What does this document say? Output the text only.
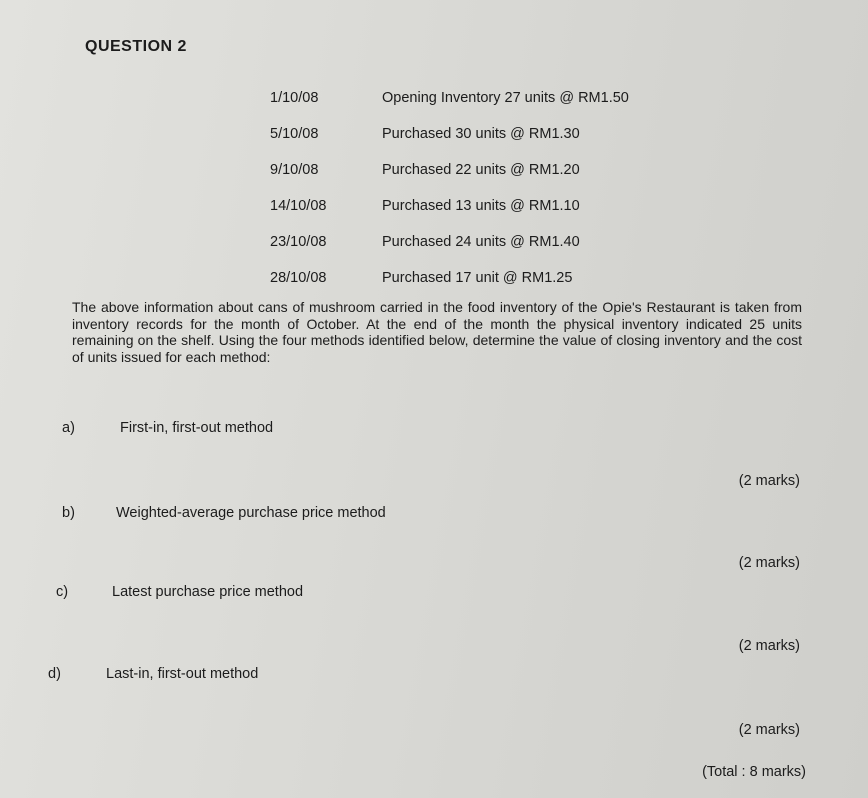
QUESTION 2
1/10/08	Opening Inventory 27 units @ RM1.50
5/10/08	Purchased 30 units @ RM1.30
9/10/08	Purchased 22 units @ RM1.20
14/10/08	Purchased 13 units @ RM1.10
23/10/08	Purchased 24 units @ RM1.40
28/10/08	Purchased 17 unit @ RM1.25
The above information about cans of mushroom carried in the food inventory of the Opie's Restaurant is taken from inventory records for the month of October. At the end of the month the physical inventory indicated 25 units remaining on the shelf. Using the four methods identified below, determine the value of closing inventory and the cost of units issued for each method:
a)	First-in, first-out method
(2 marks)
b)	Weighted-average purchase price method
(2 marks)
c)	Latest purchase price method
(2 marks)
d)	Last-in, first-out method
(2 marks)
(Total : 8 marks)
